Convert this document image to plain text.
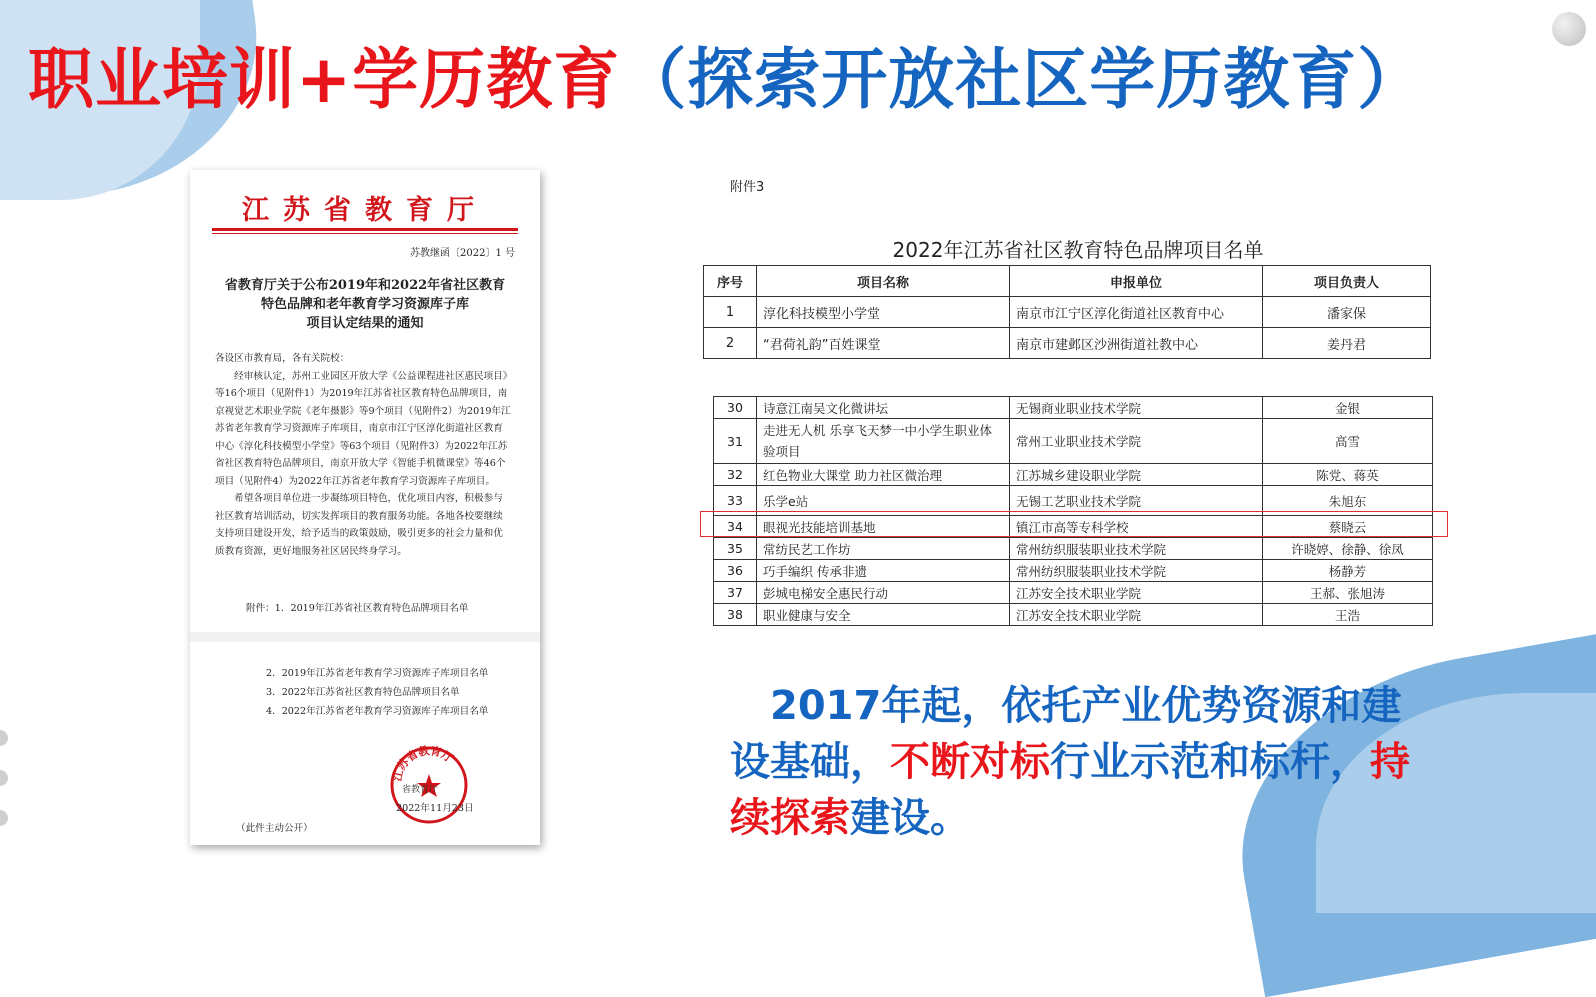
职业培训+学历教育（探索开放社区学历教育）
江苏省教育厅
苏教继函〔2022〕1 号
省教育厅关于公布2019年和2022年省社区教育
特色品牌和老年教育学习资源库子库
项目认定结果的通知

各设区市教育局，各有关院校：

　　经审核认定，苏州工业园区开放大学《公益课程进社区惠民项目》等16个项目（见附件1）为2019年江苏省社区教育特色品牌项目，南京视觉艺术职业学院《老年摄影》等9个项目（见附件2）为2019年江苏省老年教育学习资源库子库项目，南京市江宁区淳化街道社区教育中心《淳化科技模型小学堂》等63个项目（见附件3）为2022年江苏省社区教育特色品牌项目，南京开放大学《智能手机微课堂》等46个项目（见附件4）为2022年江苏省老年教育学习资源库子库项目。

　　希望各项目单位进一步凝练项目特色，优化项目内容，积极参与社区教育培训活动，切实发挥项目的教育服务功能。各地各校要继续支持项目建设开发，给予适当的政策鼓励，吸引更多的社会力量和优质教育资源，更好地服务社区居民终身学习。

附件：1．2019年江苏省社区教育特色品牌项目名单
2．2019年江苏省老年教育学习资源库子库项目名单
3．2022年江苏省社区教育特色品牌项目名单
4．2022年江苏省老年教育学习资源库子库项目名单
江苏省教育厅
省教育厅
2022年11月23日
（此件主动公开）
附件3
2022年江苏省社区教育特色品牌项目名单
序号	项目名称	申报单位	项目负责人
1	淳化科技模型小学堂	南京市江宁区淳化街道社区教育中心	潘家保
2	“君荷礼韵”百姓课堂	南京市建邺区沙洲街道社教中心	姜丹君
30	诗意江南吴文化微讲坛	无锡商业职业技术学院	金银
31	走进无人机 乐享飞天梦一中小学生职业体验项目	常州工业职业技术学院	高雪
32	红色物业大课堂 助力社区微治理	江苏城乡建设职业学院	陈党、蒋英
33	乐学e站	无锡工艺职业技术学院	朱旭东
34	眼视光技能培训基地	镇江市高等专科学校	蔡晓云
35	常纺民艺工作坊	常州纺织服装职业技术学院	许晓婷、徐静、徐凤
36	巧手编织 传承非遗	常州纺织服装职业技术学院	杨静芳
37	彭城电梯安全惠民行动	江苏安全技术职业学院	王郝、张旭涛
38	职业健康与安全	江苏安全技术职业学院	王浩
　2017年起，依托产业优势资源和建设基础，不断对标行业示范和标杆，持续探索建设。
